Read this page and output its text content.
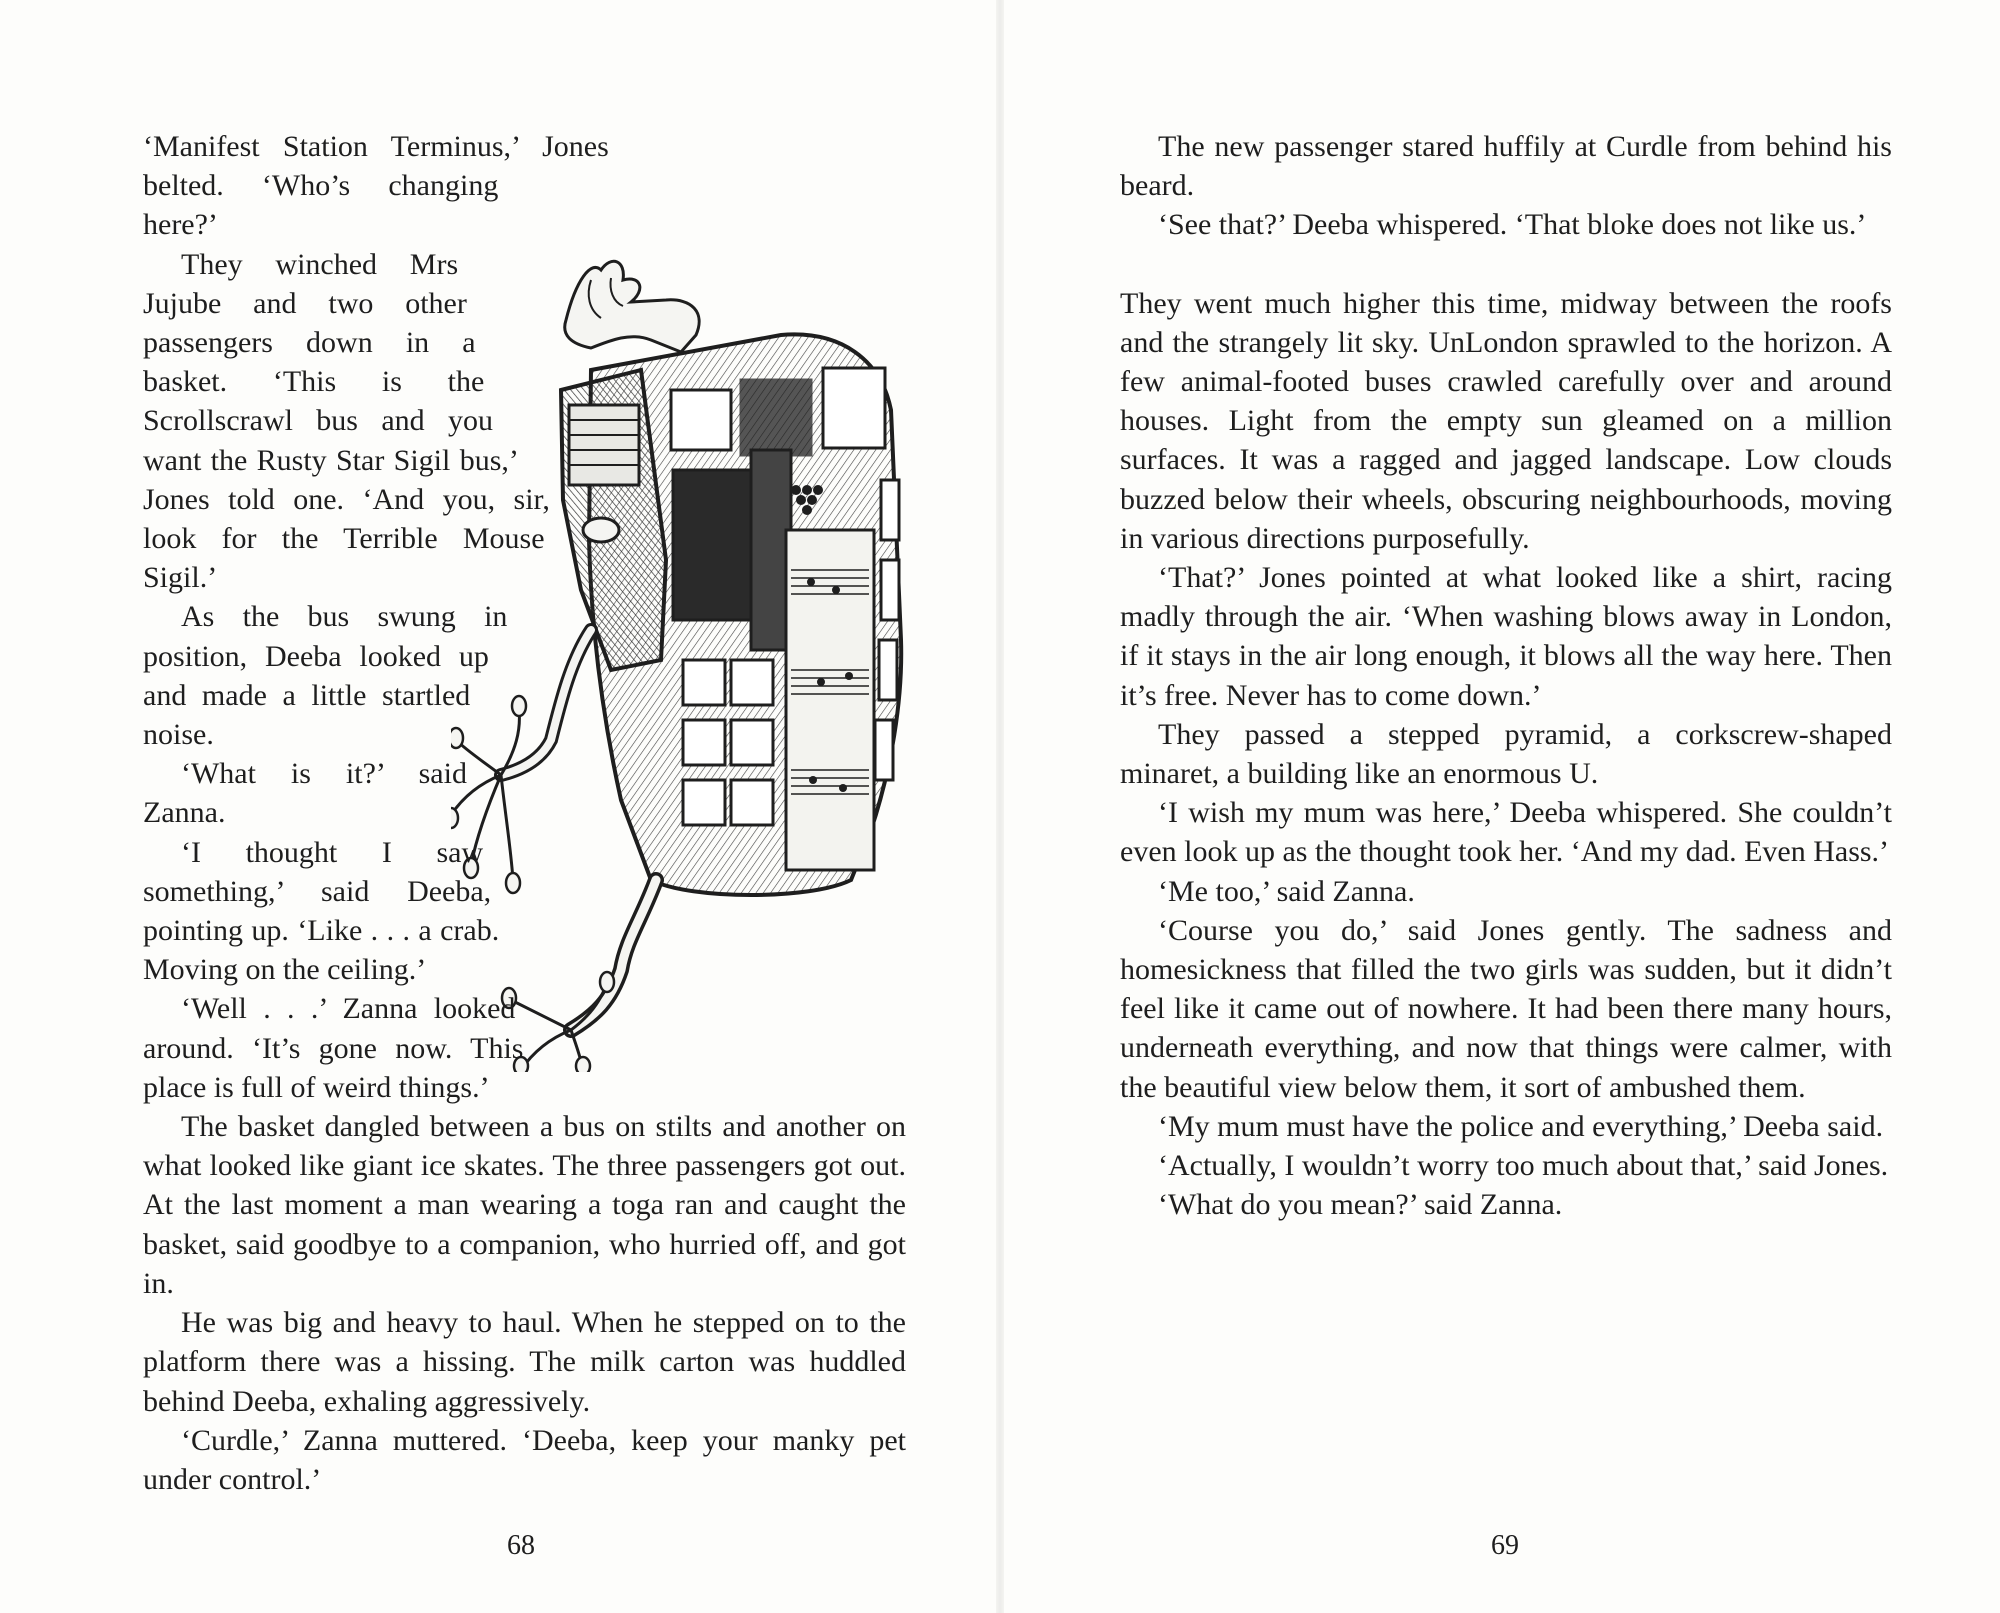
‘Manifest Station Terminus,’ Jones belted. ‘Who’s changing here?’

They winched Mrs Jujube and two other passengers down in a basket. ‘This is the Scrollscrawl bus and you want the Rusty Star Sigil bus,’ Jones told one. ‘And you, sir, look for the Terrible Mouse Sigil.’

As the bus swung in position, Deeba looked up and made a little startled noise.

‘What is it?’ said Zanna.

‘I thought I saw something,’ said Deeba, pointing up. ‘Like . . . a crab. Moving on the ceiling.’

‘Well . . .’ Zanna looked around. ‘It’s gone now. This place is full of weird things.’

The basket dangled between a bus on stilts and another on what looked like giant ice skates. The three passengers got out. At the last moment a man wearing a toga ran and caught the basket, said goodbye to a companion, who hurried off, and got in.

He was big and heavy to haul. When he stepped on to the platform there was a hissing. The milk carton was huddled behind Deeba, exhaling aggressively.

‘Curdle,’ Zanna muttered. ‘Deeba, keep your manky pet under control.’

68

The new passenger stared huffily at Curdle from behind his beard.

‘See that?’ Deeba whispered. ‘That bloke does not like us.’

They went much higher this time, midway between the roofs and the strangely lit sky. UnLondon sprawled to the horizon. A few animal-footed buses crawled carefully over and around houses. Light from the empty sun gleamed on a million surfaces. It was a ragged and jagged landscape. Low clouds buzzed below their wheels, obscuring neighbourhoods, moving in various directions purposefully.

‘That?’ Jones pointed at what looked like a shirt, racing madly through the air. ‘When washing blows away in London, if it stays in the air long enough, it blows all the way here. Then it’s free. Never has to come down.’

They passed a stepped pyramid, a corkscrew-shaped minaret, a building like an enormous U.

‘I wish my mum was here,’ Deeba whispered. She couldn’t even look up as the thought took her. ‘And my dad. Even Hass.’

‘Me too,’ said Zanna.

‘Course you do,’ said Jones gently. The sadness and homesickness that filled the two girls was sudden, but it didn’t feel like it came out of nowhere. It had been there many hours, underneath everything, and now that things were calmer, with the beautiful view below them, it sort of ambushed them.

‘My mum must have the police and everything,’ Deeba said.

‘Actually, I wouldn’t worry too much about that,’ said Jones.

‘What do you mean?’ said Zanna.

69
